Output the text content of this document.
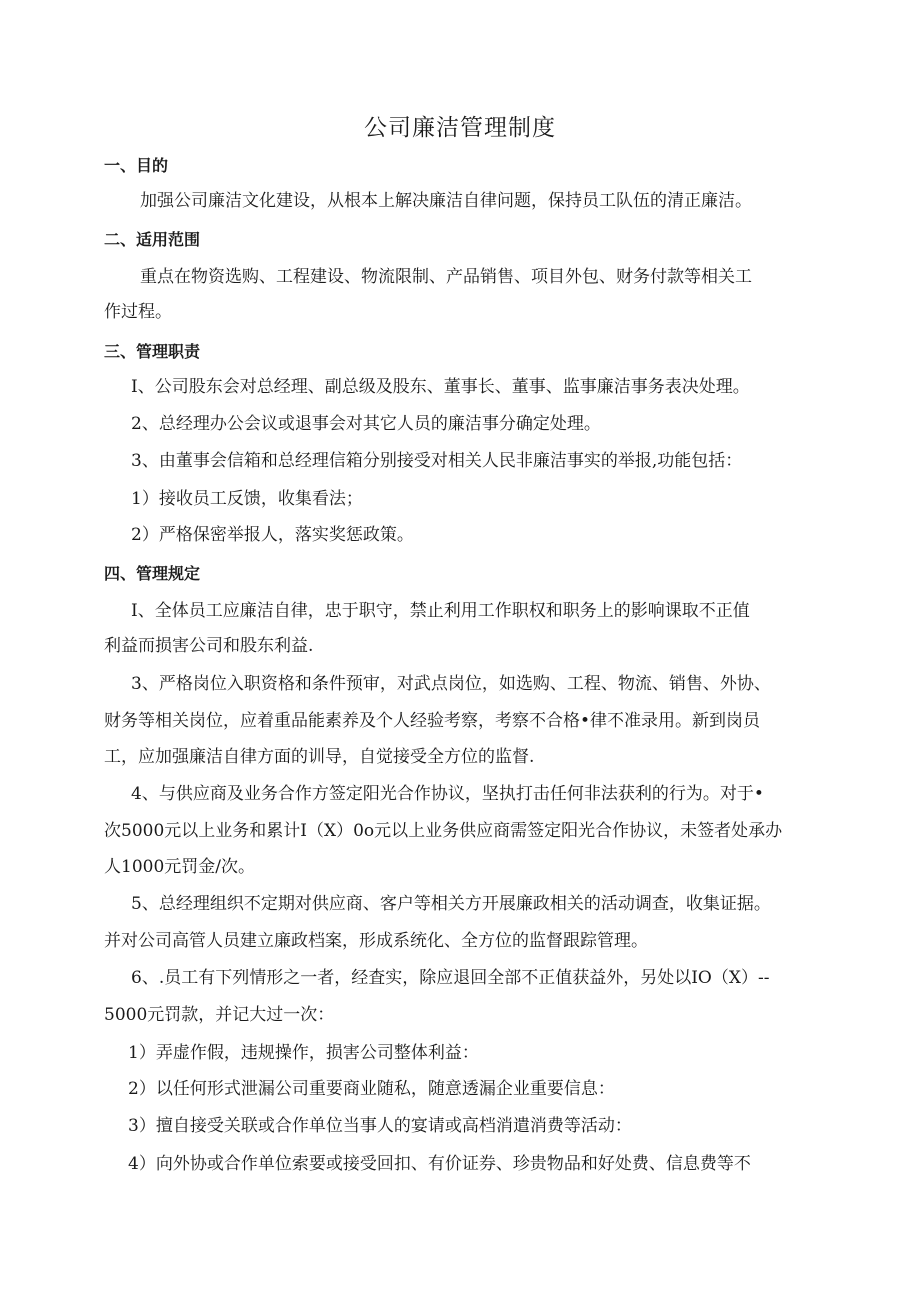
公司廉洁管理制度
一、目的
加强公司廉洁文化建设，从根本上解决廉洁自律问题，保持员工队伍的清正廉洁。
二、适用范围
重点在物资选购、工程建设、物流限制、产品销售、项目外包、财务付款等相关工
作过程。
三、管理职责
I、公司股东会对总经理、副总级及股东、董事长、董事、监事廉洁事务表决处理。
2、总经理办公会议或退事会对其它人员的廉洁事分确定处理。
3、由董事会信箱和总经理信箱分别接受对相关人民非廉洁事实的举报,功能包括：
1）接收员工反馈，收集看法；
2）严格保密举报人，落实奖惩政策。
四、管理规定
I、全体员工应廉洁自律，忠于职守，禁止利用工作职权和职务上的影响课取不正值
利益而损害公司和股东利益.
3、严格岗位入职资格和条件预审，对武点岗位，如选购、工程、物流、销售、外协、
财务等相关岗位，应着重品能素养及个人经验考察，考察不合格•律不准录用。新到岗员
工，应加强廉洁自律方面的训导，自觉接受全方位的监督.
4、与供应商及业务合作方签定阳光合作协议，坚执打击任何非法获利的行为。对于•
次5000元以上业务和累计I（X）0o元以上业务供应商需签定阳光合作协议，未签者处承办
人1000元罚金/次。
5、总经理组织不定期对供应商、客户等相关方开展廉政相关的活动调查，收集证据。
并对公司高管人员建立廉政档案，形成系统化、全方位的监督跟踪管理。
6、.员工有下列情形之一者，经査实，除应退回全部不正值获益外，另处以IO（X）--
5000元罚款，并记大过一次：
1）弄虚作假，违规操作，损害公司整体利益：
2）以任何形式泄漏公司重要商业随私，随意透漏企业重要信息：
3）擅自接受关联或合作单位当事人的宴请或高档消遣消费等活动：
4）向外协或合作单位索要或接受回扣、有价证券、珍贵物品和好处费、信息费等不
